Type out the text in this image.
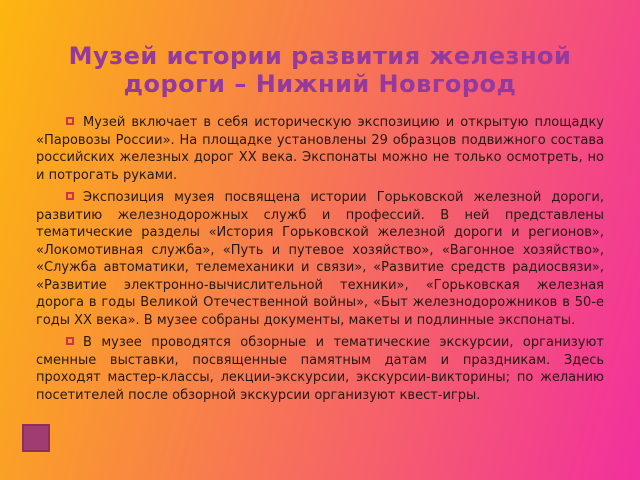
Музей истории развития железной
дороги – Нижний Новгород

Музей включает в себя историческую экспозицию и открытую площадку «Паровозы России». На площадке установлены 29 образцов подвижного состава российских железных дорог XX века. Экспонаты можно не только осмотреть, но и потрогать руками.

Экспозиция музея посвящена истории Горьковской железной дороги, развитию железнодорожных служб и профессий. В ней представлены тематические разделы «История Горьковской железной дороги и регионов», «Локомотивная служба», «Путь и путевое хозяйство», «Вагонное хозяйство», «Служба автоматики, телемеханики и связи», «Развитие средств радиосвязи», «Развитие электронно-вычислительной техники», «Горьковская железная дорога в годы Великой Отечественной войны», «Быт железнодорожников в 50-е годы XX века». В музее собраны документы, макеты и подлинные экспонаты.

В музее проводятся обзорные и тематические экскурсии, организуют сменные выставки, посвященные памятным датам и праздникам. Здесь проходят мастер-классы, лекции-экскурсии, экскурсии-викторины; по желанию посетителей после обзорной экскурсии организуют квест-игры.
